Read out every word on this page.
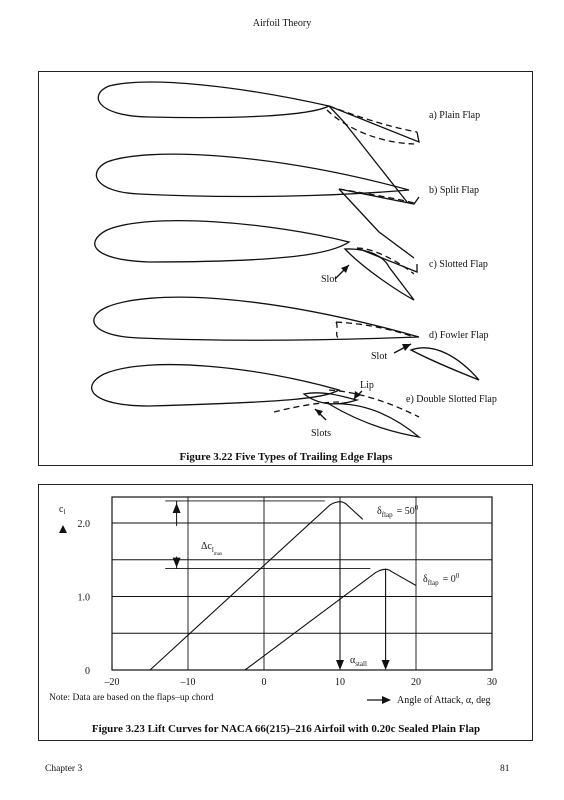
Airfoil Theory
a) Plain Flap
b) Split Flap
c) Slotted Flap
d) Fowler Flap
e) Double Slotted Flap
Slot
Slot
Lip
Slots
Figure 3.22 Five Types of Trailing Edge Flaps
$c_l$
–20	–10	0	10	20	30
0
1.0
2.0
$\delta_{flap} = 50^0$
$\delta_{flap} = 0^0$
$\Delta c_{lmax}$
$\alpha_{stall}$
Note: Data are based on the flaps–up chord	Angle of Attack, α, deg
Figure 3.23 Lift Curves for NACA 66(215)–216 Airfoil with 0.20c Sealed Plain Flap
Chapter 3	81
